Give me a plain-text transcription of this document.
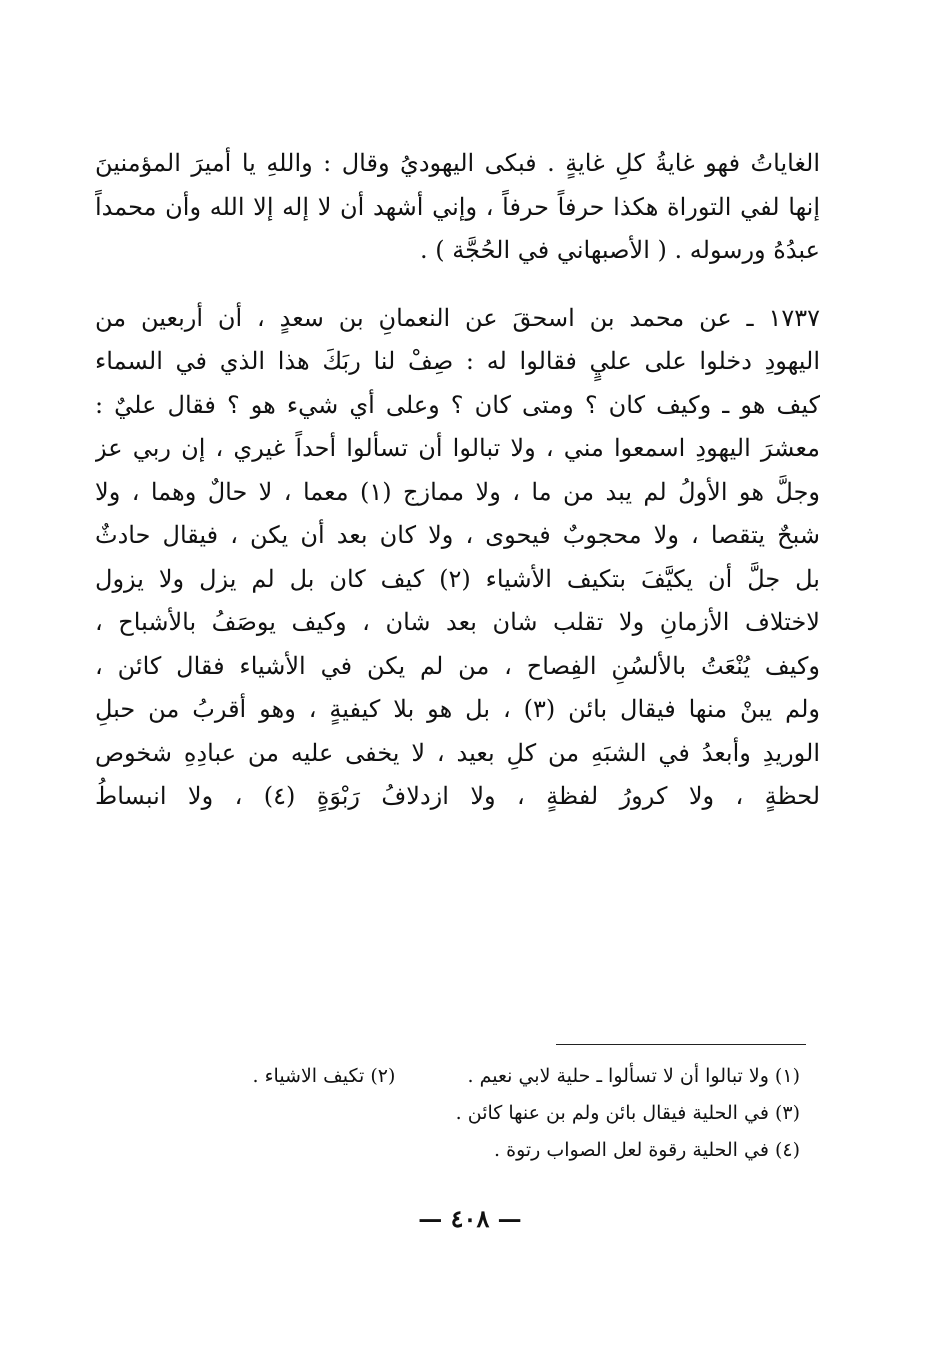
الغاياتُ فهو غايةُ كلِ غايةٍ . فبكى اليهوديُ وقال : واللهِ يا أميرَ المؤمنينَ
إنها لفي التوراة هكذا حرفاً حرفاً ، وإني أشهد أن لا إله إلا الله وأن محمداً
عبدُهُ ورسوله . ( الأصبهاني في الحُجَّة ) .
١٧٣٧ ـ عن محمد بن اسحقَ عن النعمانِ بن سعدٍ ، أن أربعين من
اليهودِ دخلوا على عليٍ فقالوا له : صِفْ لنا ربَكَ هذا الذي في السماء
كيف هو ـ وكيف كان ؟ ومتى كان ؟ وعلى أي شيء هو ؟ فقال عليٌ :
معشرَ اليهودِ اسمعوا مني ، ولا تبالوا أن تسألوا أحداً غيري ، إن ربي عز
وجلَّ هو الأولُ لم يبد من ما ، ولا ممازج (١) معما ، لا حالٌ وهما ، ولا
شبحٌ يتقصا ، ولا محجوبٌ فيحوى ، ولا كان بعد أن يكن ، فيقال حادثٌ
بل جلَّ أن يكيَّفَ بتكيف الأشياء (٢) كيف كان بل لم يزل ولا يزول
لاختلاف الأزمانِ ولا تقلب شان بعد شان ، وكيف يوصَفُ بالأشباح ،
وكيف يُنْعَتُ بالألسُنِ الفِصاح ، من لم يكن في الأشياء فقال كائن ،
ولم يبنْ منها فيقال بائن (٣) ، بل هو بلا كيفيةٍ ، وهو أقربُ من حبلِ
الوريدِ وأبعدُ في الشبَهِ من كلِ بعيد ، لا يخفى عليه من عبادِهِ شخوص
لحظةٍ ، ولا كرورُ لفظةٍ ، ولا ازدلافُ رَبْوَةٍ (٤) ، ولا انبساطُ
(١) ولا تبالوا أن لا تسألوا ـ حلية لابي نعيم .  (٢) تكيف الاشياء .
(٣) في الحلية فيقال بائن ولم بن عنها كائن .
(٤) في الحلية رقوة لعل الصواب رتوة .
— ٤٠٨ —
